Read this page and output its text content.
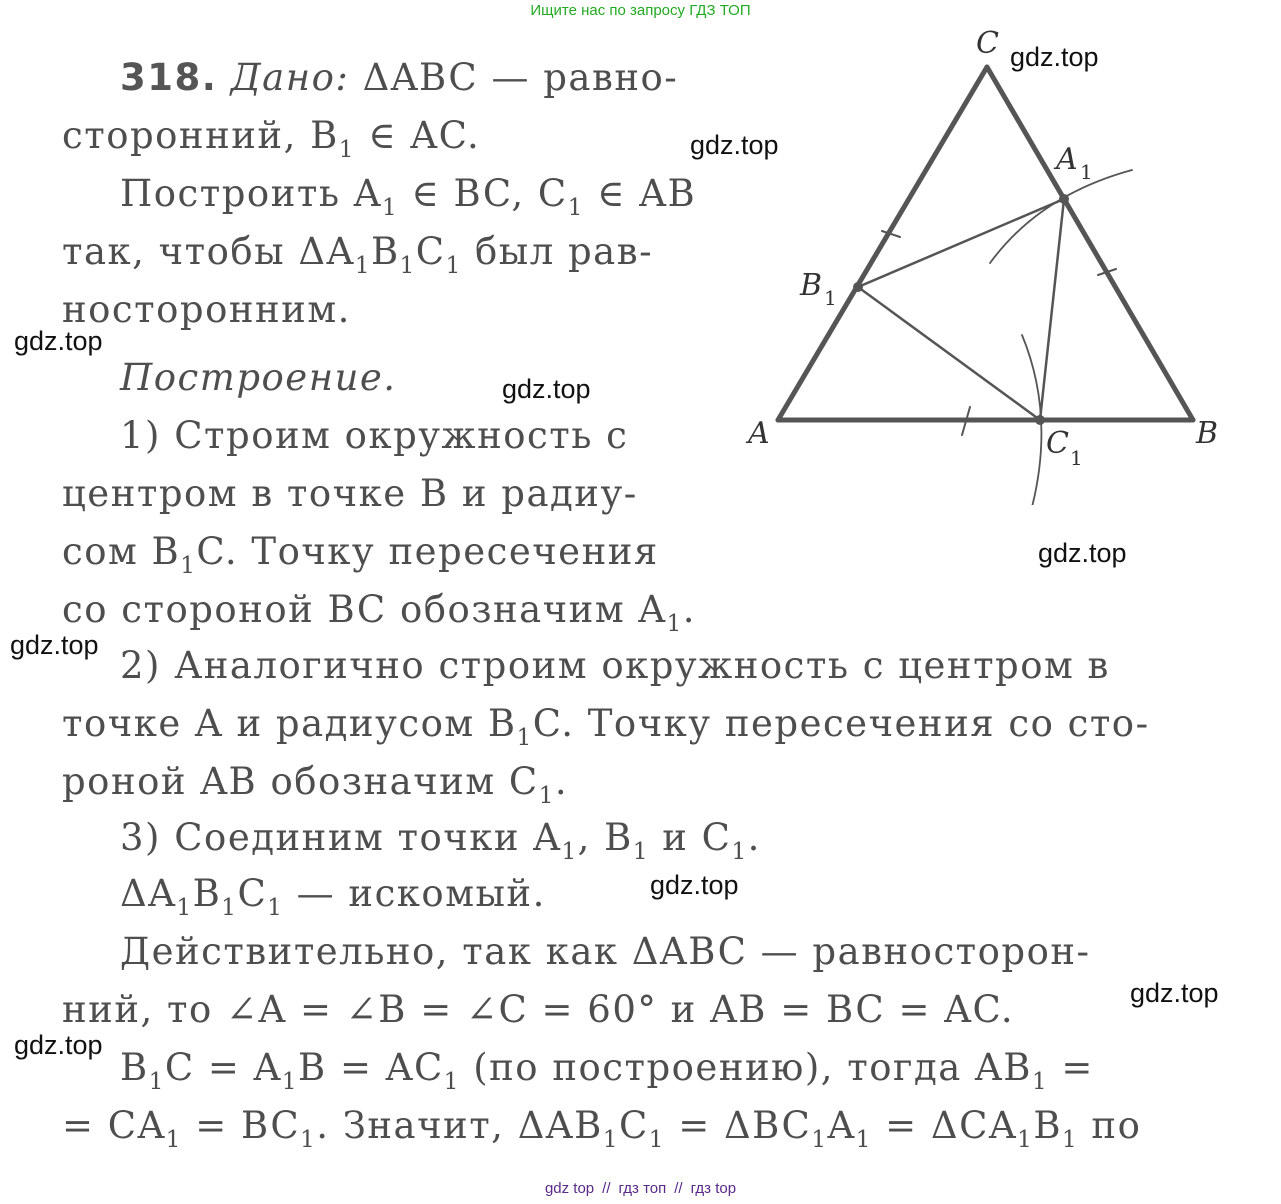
Ищите нас по запросу ГДЗ ТОП
gdz.top
gdz.top
gdz.top
gdz.top
gdz.top
gdz.top
gdz.top
gdz.top
gdz.top
C
A	B
A 1
B 1
C 1
318. Дано: ΔABC — равно-
сторонний, $B_1$ ∈ AC.
Построить $A_1$ ∈ BC, $C_1$ ∈ AB
так, чтобы $\Delta A_1B_1C_1$ был рав-
носторонним.
Построение.
1) Строим окружность с
центром в точке B и радиу-
сом $B_1C$. Точку пересечения
со стороной BC обозначим $A_1$.
2) Аналогично строим окружность с центром в
точке A и радиусом $B_1C$. Точку пересечения со сто-
роной AB обозначим $C_1$.
3) Соединим точки $A_1$, $B_1$ и $C_1$.
$\Delta A_1B_1C_1$ — искомый.
Действительно, так как ΔABC — равносторон-
ний, то ∠A = ∠B = ∠C = 60° и AB = BC = AC.
$B_1C = A_1B = AC_1$ (по построению), тогда $AB_1$ =
= $CA_1 = BC_1$. Значит, $\Delta AB_1C_1 = \Delta BC_1A_1 = \Delta CA_1B_1$ по
gdz top // гдз топ // гдз top
